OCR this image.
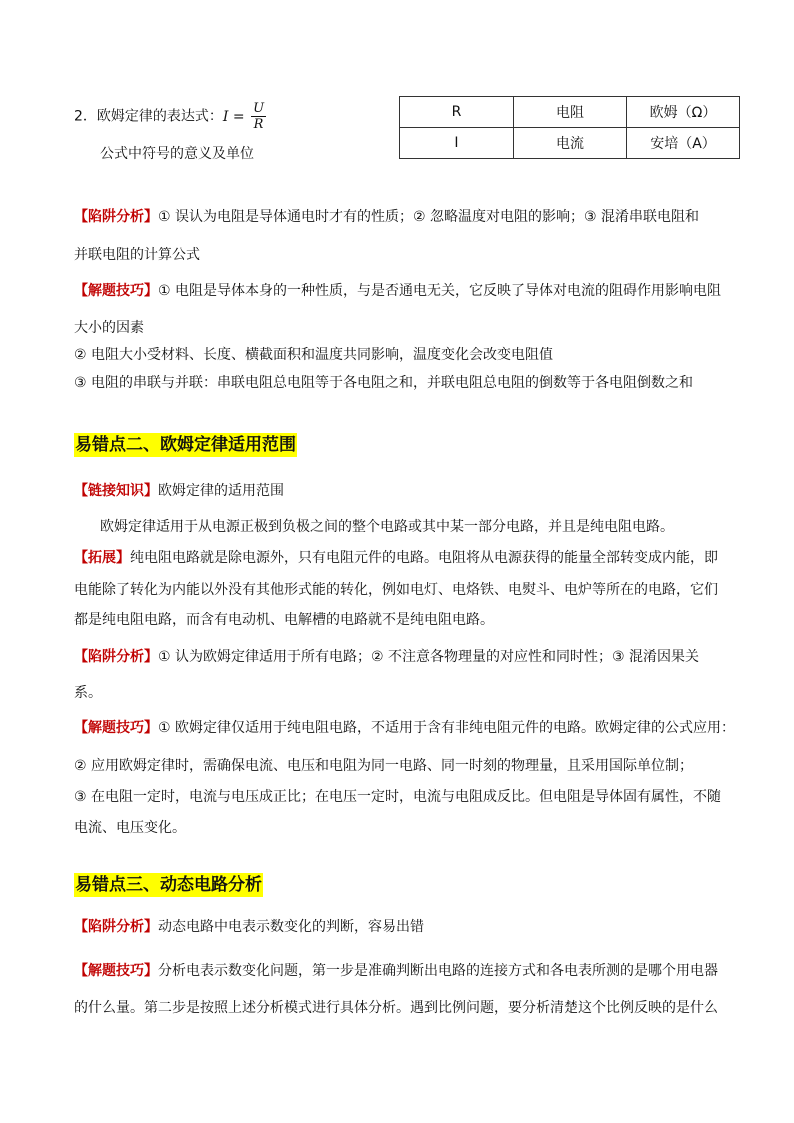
2．欧姆定律的表达式：$I = \frac{U}{R}$
公式中符号的意义及单位
R	电阻	欧姆（Ω）
I	电流	安培（A）
【陷阱分析】① 误认为电阻是导体通电时才有的性质；② 忽略温度对电阻的影响；③ 混淆串联电阻和
并联电阻的计算公式
【解题技巧】① 电阻是导体本身的一种性质，与是否通电无关，它反映了导体对电流的阻碍作用影响电阻
大小的因素
② 电阻大小受材料、长度、横截面积和温度共同影响，温度变化会改变电阻值
③ 电阻的串联与并联：串联电阻总电阻等于各电阻之和，并联电阻总电阻的倒数等于各电阻倒数之和
易错点二、欧姆定律适用范围
【链接知识】欧姆定律的适用范围
欧姆定律适用于从电源正极到负极之间的整个电路或其中某一部分电路，并且是纯电阻电路。
【拓展】纯电阻电路就是除电源外，只有电阻元件的电路。电阻将从电源获得的能量全部转变成内能，即
电能除了转化为内能以外没有其他形式能的转化，例如电灯、电烙铁、电熨斗、电炉等所在的电路，它们
都是纯电阻电路，而含有电动机、电解槽的电路就不是纯电阻电路。
【陷阱分析】① 认为欧姆定律适用于所有电路；② 不注意各物理量的对应性和同时性；③ 混淆因果关
系。
【解题技巧】① 欧姆定律仅适用于纯电阻电路，不适用于含有非纯电阻元件的电路。欧姆定律的公式应用：
② 应用欧姆定律时，需确保电流、电压和电阻为同一电路、同一时刻的物理量，且采用国际单位制；
③ 在电阻一定时，电流与电压成正比；在电压一定时，电流与电阻成反比。但电阻是导体固有属性，不随
电流、电压变化。
易错点三、动态电路分析
【陷阱分析】动态电路中电表示数变化的判断，容易出错
【解题技巧】分析电表示数变化问题，第一步是准确判断出电路的连接方式和各电表所测的是哪个用电器
的什么量。第二步是按照上述分析模式进行具体分析。遇到比例问题，要分析清楚这个比例反映的是什么
